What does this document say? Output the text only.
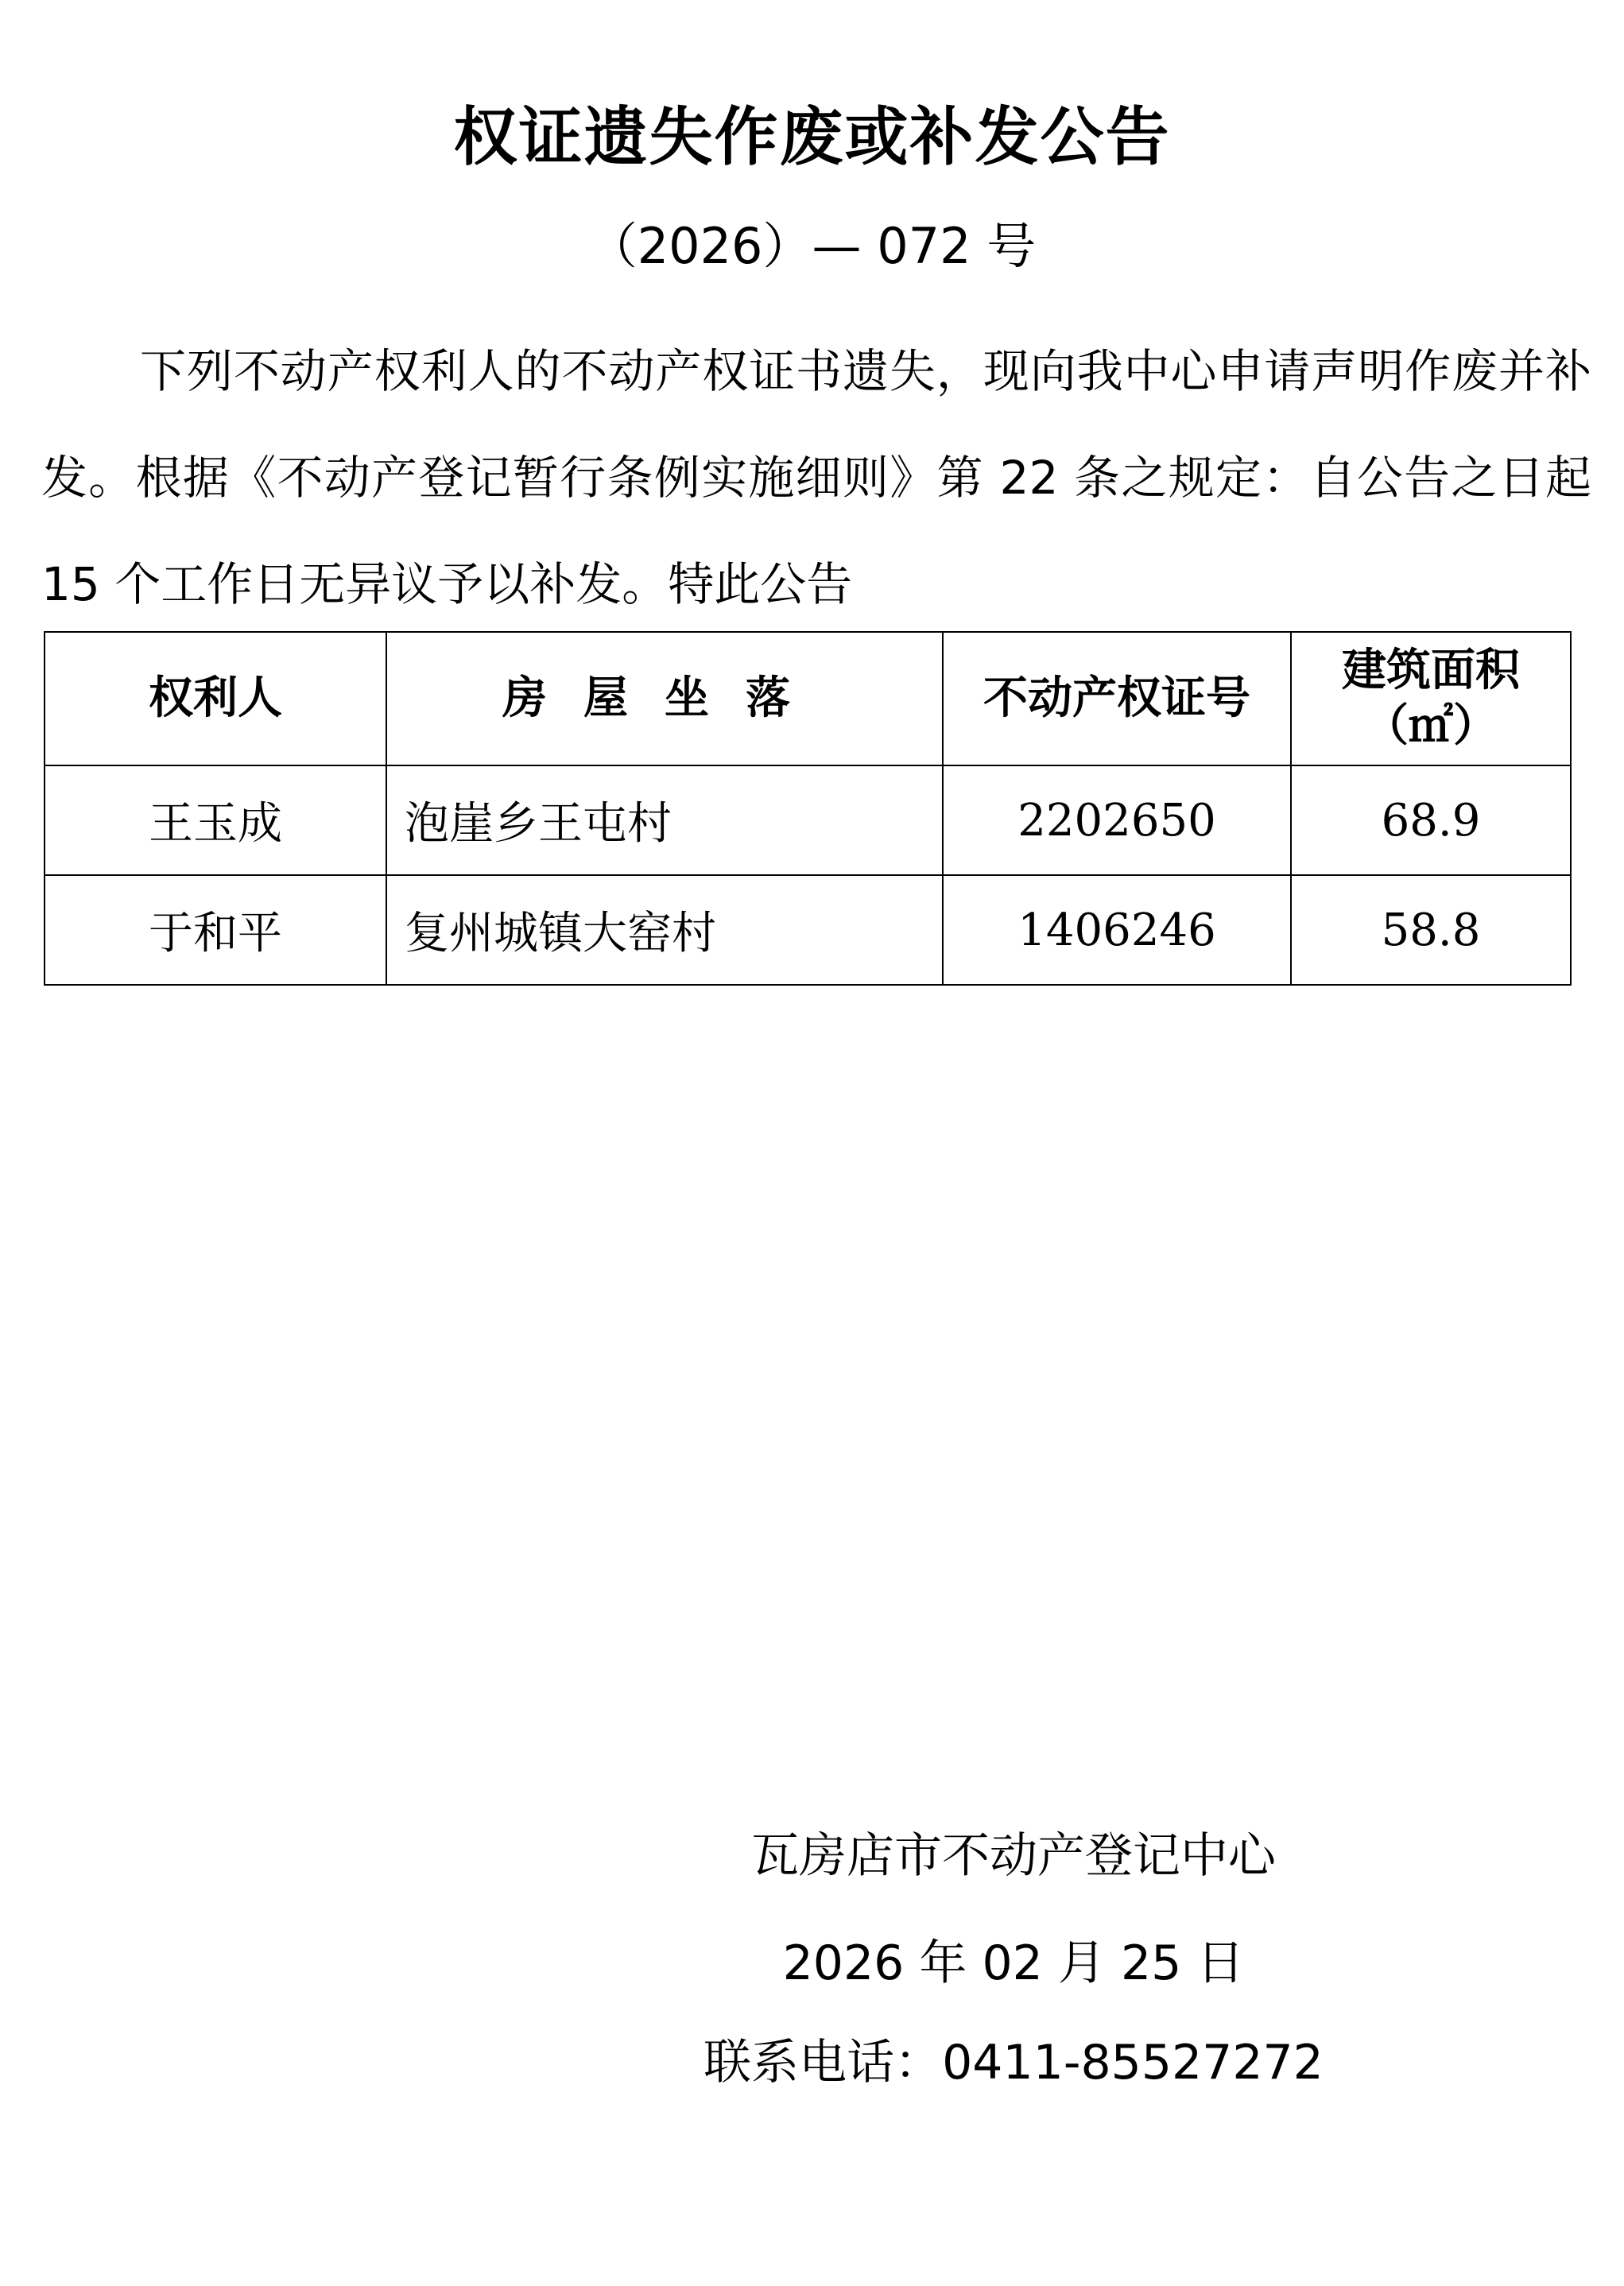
权证遗失作废或补发公告
（2026）— 072 号
下列不动产权利人的不动产权证书遗失，现向我中心申请声明作废并补发。根据《不动产登记暂行条例实施细则》第 22 条之规定：自公告之日起 15 个工作日无异议予以补发。特此公告
权利人	房屋坐落	不动产权证号	建筑面积
（㎡）

王玉成	泡崖乡王屯村	2202650	68.9
于和平	复州城镇大窑村	1406246	58.8
瓦房店市不动产登记中心
2026 年 02 月 25 日
联系电话：0411-85527272
